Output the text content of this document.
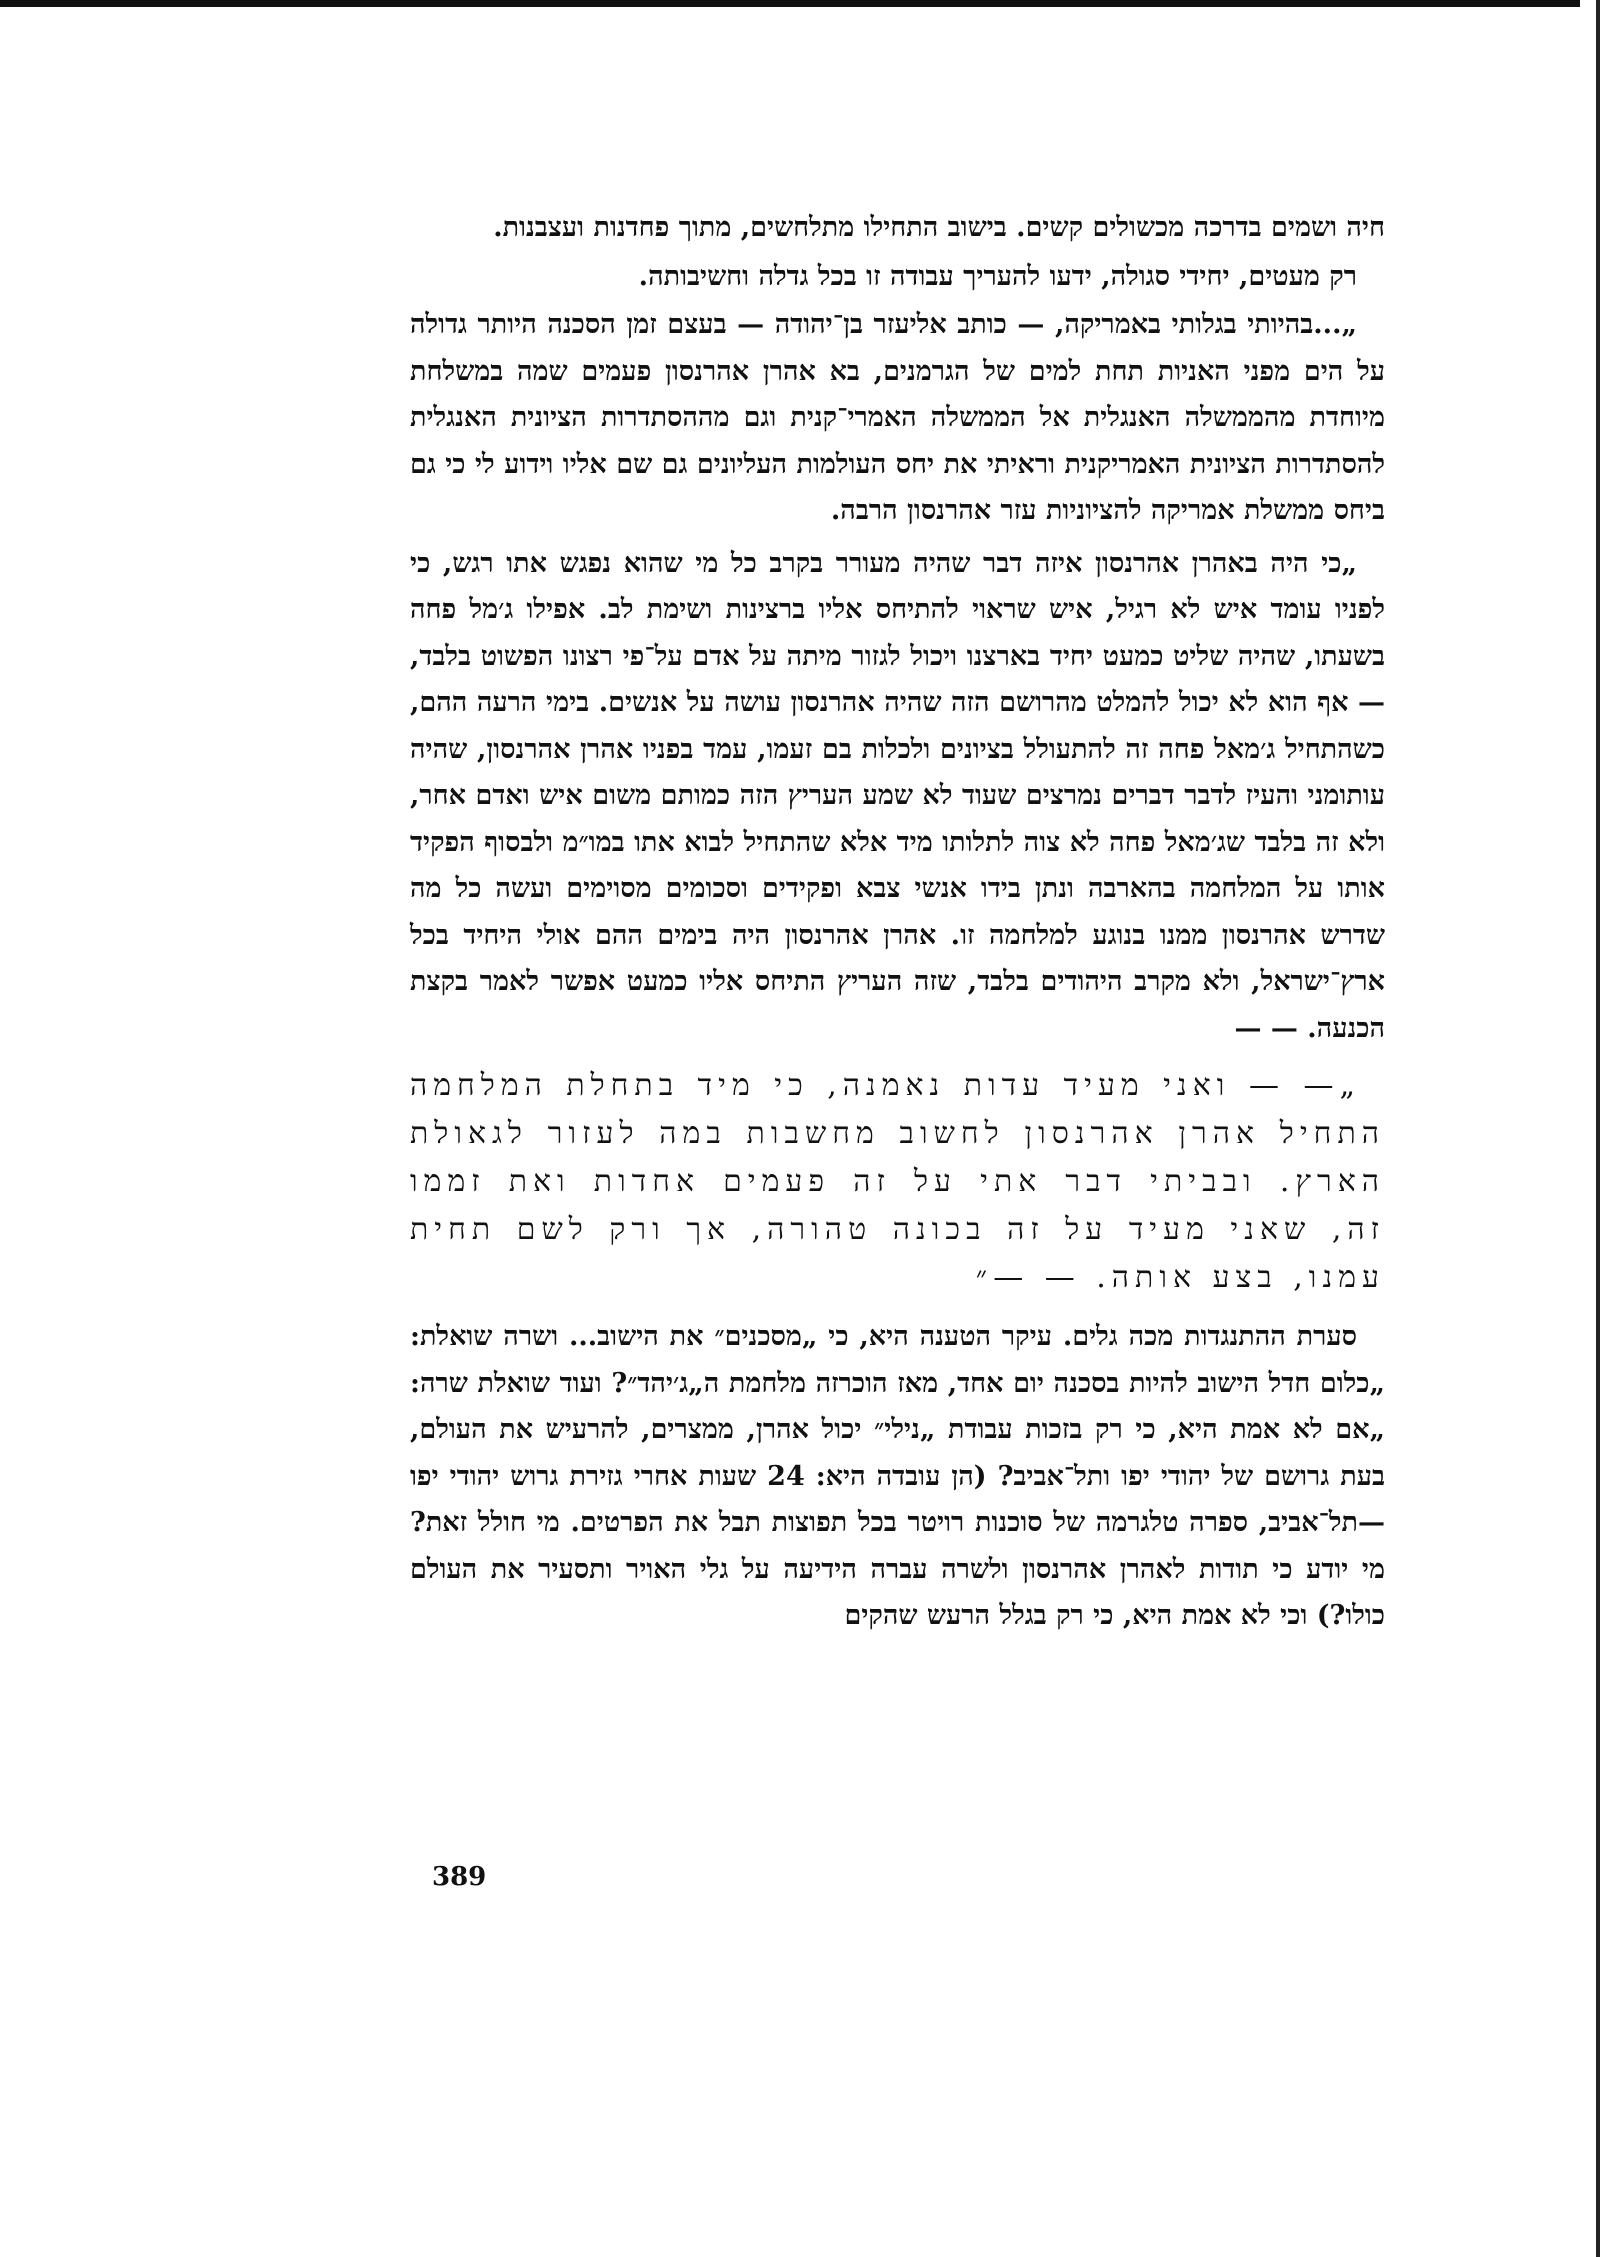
חיה ושמים בדרכה מכשולים קשים. בישוב התחילו מתלחשים, מתוך פחדנות ועצבנות.

רק מעטים, יחידי סגולה, ידעו להעריך עבודה זו בכל גדלה וחשיבותה.

„...בהיותי בגלותי באמריקה, — כותב אליעזר בן־יהודה — בעצם זמן הסכנה היותר גדולה על הים מפני האניות תחת למים של הגרמנים, בא אהרן אהרנסון פעמים שמה במשלחת מיוחדת מהממשלה האנגלית אל הממשלה האמרי־קנית וגם מההסתדרות הציונית האנגלית להסתדרות הציונית האמריקנית וראיתי את יחס העולמות העליונים גם שם אליו וידוע לי כי גם ביחס ממשלת אמריקה להציוניות עזר אהרנסון הרבה.

„כי היה באהרן אהרנסון איזה דבר שהיה מעורר בקרב כל מי שהוא נפגש אתו רגש, כי לפניו עומד איש לא רגיל, איש שראוי להתיחס אליו ברצינות ושימת לב. אפילו ג׳מל פחה בשעתו, שהיה שליט כמעט יחיד בארצנו ויכול לגזור מיתה על אדם על־פי רצונו הפשוט בלבד, — אף הוא לא יכול להמלט מהרושם הזה שהיה אהרנסון עושה על אנשים. בימי הרעה ההם, כשהתחיל ג׳מאל פחה זה להתעולל בציונים ולכלות בם זעמו, עמד בפניו אהרן אהרנסון, שהיה עותומני והעיז לדבר דברים נמרצים שעוד לא שמע העריץ הזה כמותם משום איש ואדם אחר, ולא זה בלבד שג׳מאל פחה לא צוה לתלותו מיד אלא שהתחיל לבוא אתו במו״מ ולבסוף הפקיד אותו על המלחמה בהארבה ונתן בידו אנשי צבא ופקידים וסכומים מסוימים ועשה כל מה שדרש אהרנסון ממנו בנוגע למלחמה זו. אהרן אהרנסון היה בימים ההם אולי היחיד בכל ארץ־ישראל, ולא מקרב היהודים בלבד, שזה העריץ התיחס אליו כמעט אפשר לאמר בקצת הכנעה. — —

„— — ואני מעיד עדות נאמנה, כי מיד בתחלת המלחמה התחיל אהרן אהרנסון לחשוב מחשבות במה לעזור לגאולת הארץ. ובביתי דבר אתי על זה פעמים אחדות ואת זממו זה, שאני מעיד על זה בכונה טהורה, אך ורק לשם תחית עמנו, בצע אותה. — —״

סערת ההתנגדות מכה גלים. עיקר הטענה היא, כי „מסכנים״ את הישוב... ושרה שואלת: „כלום חדל הישוב להיות בסכנה יום אחד, מאז הוכרזה מלחמת ה„ג׳יהד״? ועוד שואלת שרה: „אם לא אמת היא, כי רק בזכות עבודת „נילי״ יכול אהרן, ממצרים, להרעיש את העולם, בעת גרושם של יהודי יפו ותל־אביב? (הן עובדה היא: 24 שעות אחרי גזירת גרוש יהודי יפו—תל־אביב, ספרה טלגרמה של סוכנות רויטר בכל תפוצות תבל את הפרטים. מי חולל זאת? מי יודע כי תודות לאהרן אהרנסון ולשרה עברה הידיעה על גלי האויר ותסעיר את העולם כולו?) וכי לא אמת היא, כי רק בגלל הרעש שהקים

389
